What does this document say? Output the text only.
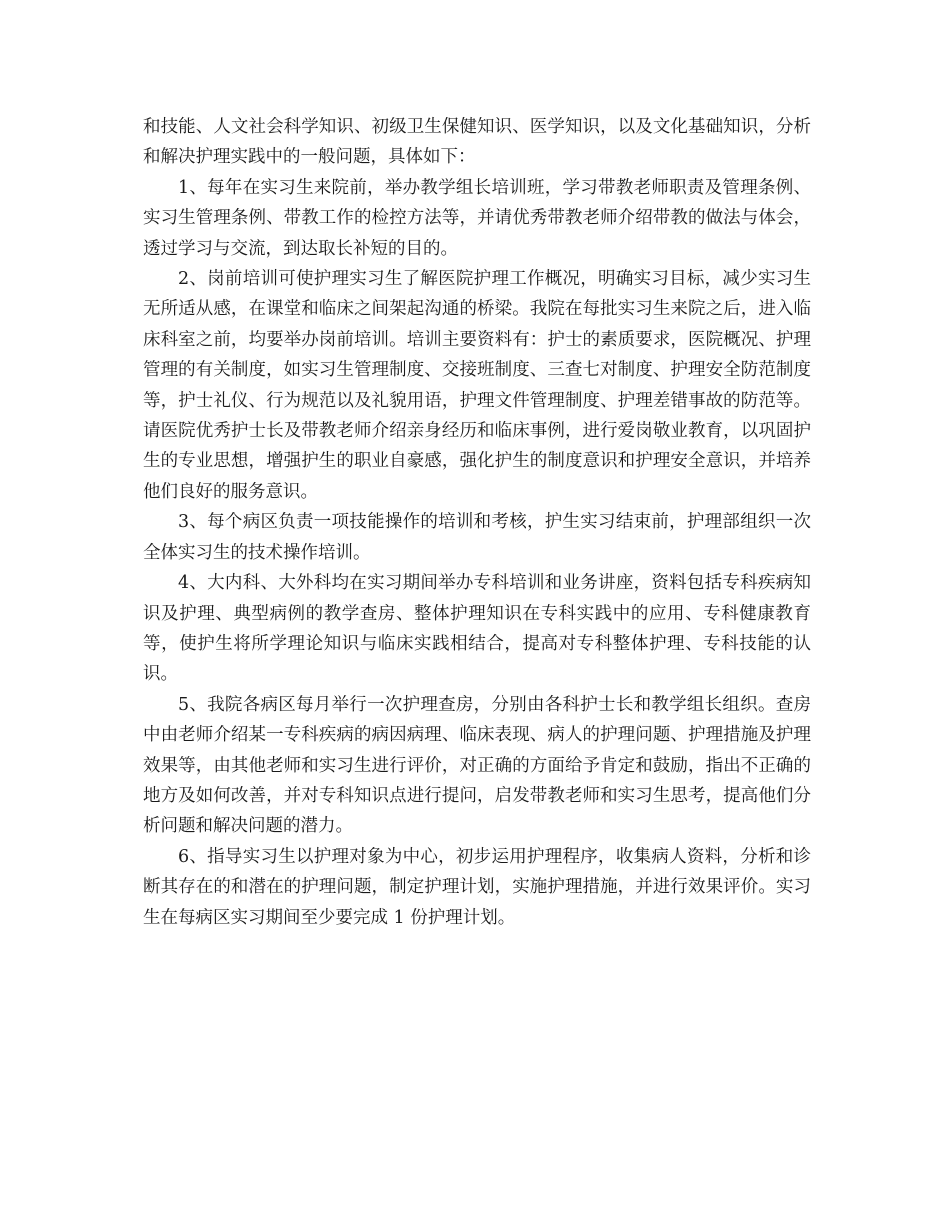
和技能、人文社会科学知识、初级卫生保健知识、医学知识，以及文化基础知识，分析和解决护理实践中的一般问题，具体如下：

1、每年在实习生来院前，举办教学组长培训班，学习带教老师职责及管理条例、实习生管理条例、带教工作的检控方法等，并请优秀带教老师介绍带教的做法与体会，透过学习与交流，到达取长补短的目的。

2、岗前培训可使护理实习生了解医院护理工作概况，明确实习目标，减少实习生无所适从感，在课堂和临床之间架起沟通的桥梁。我院在每批实习生来院之后，进入临床科室之前，均要举办岗前培训。培训主要资料有：护士的素质要求，医院概况、护理管理的有关制度，如实习生管理制度、交接班制度、三查七对制度、护理安全防范制度等，护士礼仪、行为规范以及礼貌用语，护理文件管理制度、护理差错事故的防范等。请医院优秀护士长及带教老师介绍亲身经历和临床事例，进行爱岗敬业教育，以巩固护生的专业思想，增强护生的职业自豪感，强化护生的制度意识和护理安全意识，并培养他们良好的服务意识。

3、每个病区负责一项技能操作的培训和考核，护生实习结束前，护理部组织一次全体实习生的技术操作培训。

4、大内科、大外科均在实习期间举办专科培训和业务讲座，资料包括专科疾病知识及护理、典型病例的教学查房、整体护理知识在专科实践中的应用、专科健康教育等，使护生将所学理论知识与临床实践相结合，提高对专科整体护理、专科技能的认识。

5、我院各病区每月举行一次护理查房，分别由各科护士长和教学组长组织。查房中由老师介绍某一专科疾病的病因病理、临床表现、病人的护理问题、护理措施及护理效果等，由其他老师和实习生进行评价，对正确的方面给予肯定和鼓励，指出不正确的地方及如何改善，并对专科知识点进行提问，启发带教老师和实习生思考，提高他们分析问题和解决问题的潜力。

6、指导实习生以护理对象为中心，初步运用护理程序，收集病人资料，分析和诊断其存在的和潜在的护理问题，制定护理计划，实施护理措施，并进行效果评价。实习生在每病区实习期间至少要完成 1 份护理计划。
